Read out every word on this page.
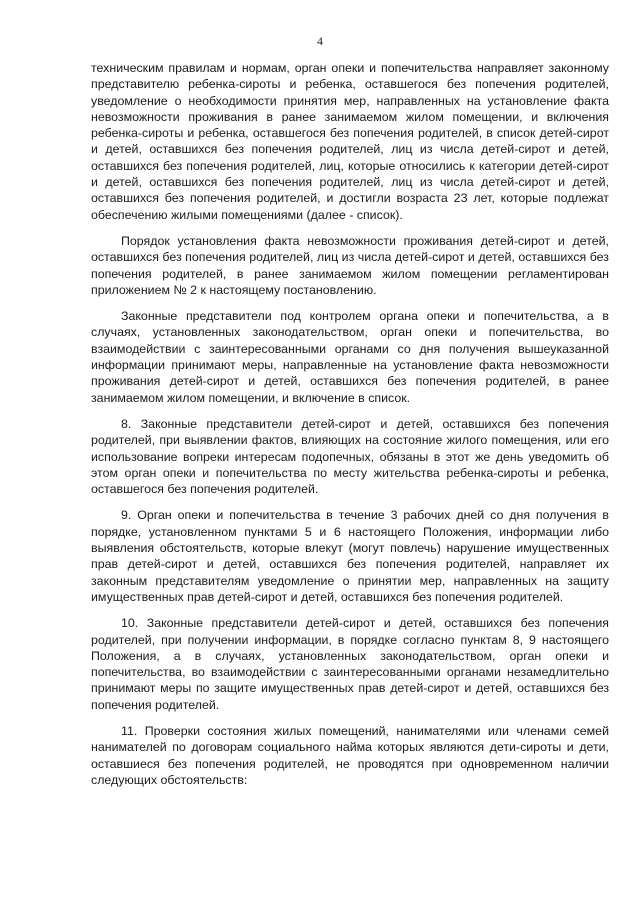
4

техническим правилам и нормам, орган опеки и попечительства направляет законному представителю ребенка-сироты и ребенка, оставшегося без попечения родителей, уведомление о необходимости принятия мер, направленных на установление факта невозможности проживания в ранее занимаемом жилом помещении, и включения ребенка-сироты и ребенка, оставшегося без попечения родителей, в список детей-сирот и детей, оставшихся без попечения родителей, лиц из числа детей-сирот и детей, оставшихся без попечения родителей, лиц, которые относились к категории детей-сирот и детей, оставшихся без попечения родителей, лиц из числа детей-сирот и детей, оставшихся без попечения родителей, и достигли возраста 23 лет, которые подлежат обеспечению жилыми помещениями (далее - список).

Порядок установления факта невозможности проживания детей-сирот и детей, оставшихся без попечения родителей, лиц из числа детей-сирот и детей, оставшихся без попечения родителей, в ранее занимаемом жилом помещении регламентирован приложением № 2 к настоящему постановлению.

Законные представители под контролем органа опеки и попечительства, а в случаях, установленных законодательством, орган опеки и попечительства, во взаимодействии с заинтересованными органами со дня получения вышеуказанной информации принимают меры, направленные на установление факта невозможности проживания детей-сирот и детей, оставшихся без попечения родителей, в ранее занимаемом жилом помещении, и включение в список.

8. Законные представители детей-сирот и детей, оставшихся без попечения родителей, при выявлении фактов, влияющих на состояние жилого помещения, или его использование вопреки интересам подопечных, обязаны в этот же день уведомить об этом орган опеки и попечительства по месту жительства ребенка-сироты и ребенка, оставшегося без попечения родителей.

9. Орган опеки и попечительства в течение 3 рабочих дней со дня получения в порядке, установленном пунктами 5 и 6 настоящего Положения, информации либо выявления обстоятельств, которые влекут (могут повлечь) нарушение имущественных прав детей-сирот и детей, оставшихся без попечения родителей, направляет их законным представителям уведомление о принятии мер, направленных на защиту имущественных прав детей-сирот и детей, оставшихся без попечения родителей.

10. Законные представители детей-сирот и детей, оставшихся без попечения родителей, при получении информации, в порядке согласно пунктам 8, 9 настоящего Положения, а в случаях, установленных законодательством, орган опеки и попечительства, во взаимодействии с заинтересованными органами незамедлительно принимают меры по защите имущественных прав детей-сирот и детей, оставшихся без попечения родителей.

11. Проверки состояния жилых помещений, нанимателями или членами семей нанимателей по договорам социального найма которых являются дети-сироты и дети, оставшиеся без попечения родителей, не проводятся при одновременном наличии следующих обстоятельств:
